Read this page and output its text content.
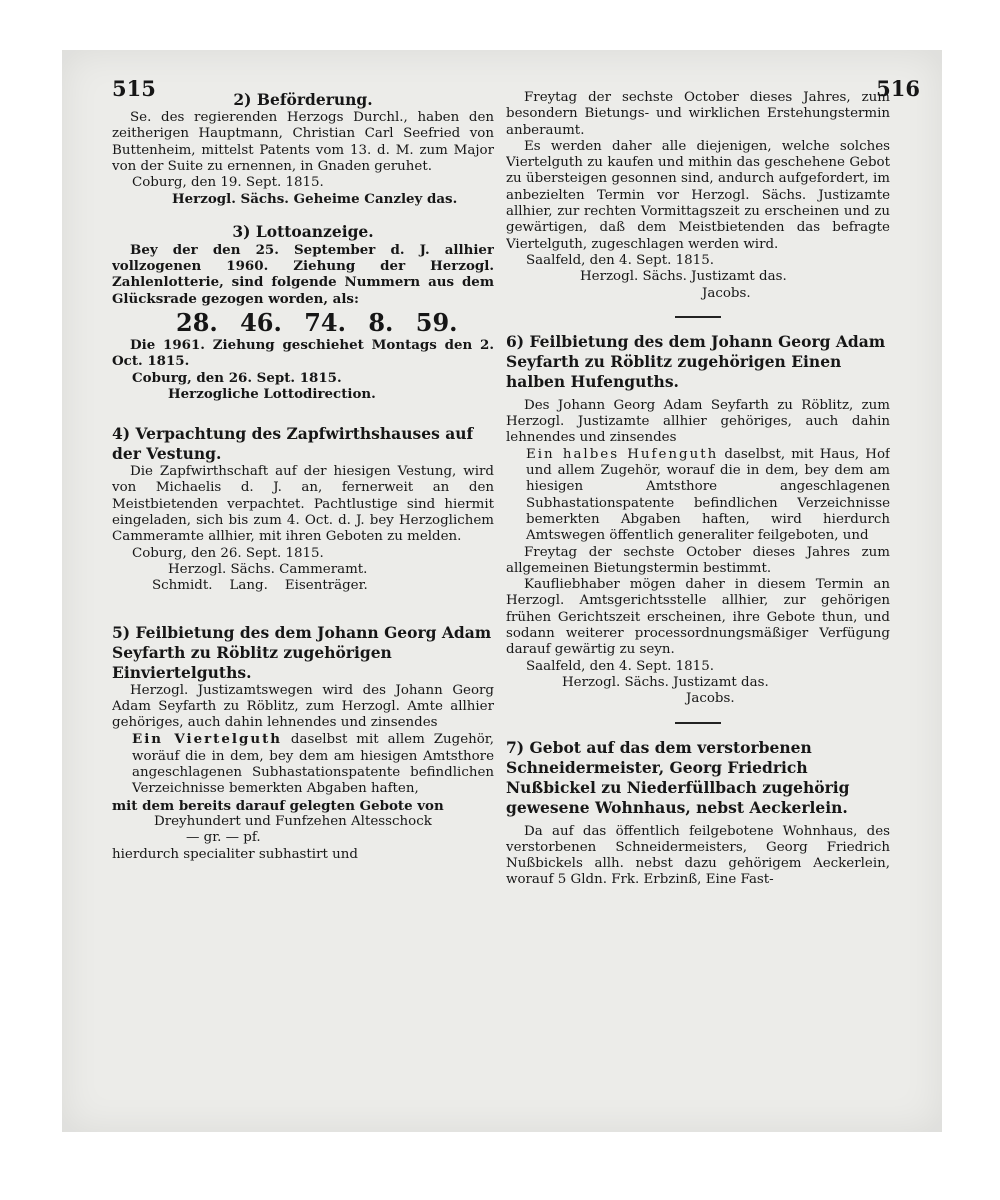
515	516

2) Beförderung.

Se. des regierenden Herzogs Durchl., haben den zeitherigen Hauptmann, Christian Carl Seefried von Buttenheim, mittelst Patents vom 13. d. M. zum Major von der Suite zu ernennen, in Gnaden geruhet.

Coburg, den 19. Sept. 1815.

Herzogl. Sächs. Geheime Canzley das.

3) Lottoanzeige.

Bey der den 25. September d. J. allhier vollzogenen 1960. Ziehung der Herzogl. Zahlenlotterie, sind folgende Nummern aus dem Glücksrade gezogen worden, als:

28. 46. 74. 8. 59.

Die 1961. Ziehung geschiehet Montags den 2. Oct. 1815.

Coburg, den 26. Sept. 1815.

Herzogliche Lottodirection.

4) Verpachtung des Zapfwirthshauses auf der Vestung.

Die Zapfwirthschaft auf der hiesigen Vestung, wird von Michaelis d. J. an, fernerweit an den Meistbietenden verpachtet. Pachtlustige sind hiermit eingeladen, sich bis zum 4. Oct. d. J. bey Herzoglichem Cammeramte allhier, mit ihren Geboten zu melden.

Coburg, den 26. Sept. 1815.

Herzogl. Sächs. Cammeramt.

Schmidt.    Lang.    Eisenträger.

5) Feilbietung des dem Johann Georg Adam Seyfarth zu Röblitz zugehörigen Einviertelguths.

Herzogl. Justizamtswegen wird des Johann Georg Adam Seyfarth zu Röblitz, zum Herzogl. Amte allhier gehöriges, auch dahin lehnendes und zinsendes

Ein Viertelguth daselbst mit allem Zugehör, woräuf die in dem, bey dem am hiesigen Amtsthore angeschlagenen Subhastationspatente befindlichen Verzeichnisse bemerkten Abgaben haften,

mit dem bereits darauf gelegten Gebote von

Dreyhundert und Funfzehen Altesschock

— gr. — pf.

hierdurch specialiter subhastirt und

Freytag der sechste October dieses Jahres, zum besondern Bietungs- und wirklichen Erstehungstermin anberaumt.

Es werden daher alle diejenigen, welche solches Viertelguth zu kaufen und mithin das geschehene Gebot zu übersteigen gesonnen sind, andurch aufgefordert, im anbezielten Termin vor Herzogl. Sächs. Justizamte allhier, zur rechten Vormittagszeit zu erscheinen und zu gewärtigen, daß dem Meistbietenden das befragte Viertelguth, zugeschlagen werden wird.

Saalfeld, den 4. Sept. 1815.

Herzogl. Sächs. Justizamt das.

Jacobs.

6) Feilbietung des dem Johann Georg Adam Seyfarth zu Röblitz zugehörigen Einen halben Hufenguths.

Des Johann Georg Adam Seyfarth zu Röblitz, zum Herzogl. Justizamte allhier gehöriges, auch dahin lehnendes und zinsendes

Ein halbes Hufenguth daselbst, mit Haus, Hof und allem Zugehör, worauf die in dem, bey dem am hiesigen Amtsthore angeschlagenen Subhastationspatente befindlichen Verzeichnisse bemerkten Abgaben haften, wird hierdurch Amtswegen öffentlich generaliter feilgeboten, und

Freytag der sechste October dieses Jahres zum allgemeinen Bietungstermin bestimmt.

Kaufliebhaber mögen daher in diesem Termin an Herzogl. Amtsgerichtsstelle allhier, zur gehörigen frühen Gerichtszeit erscheinen, ihre Gebote thun, und sodann weiterer processordnungsmäßiger Verfügung darauf gewärtig zu seyn.

Saalfeld, den 4. Sept. 1815.

Herzogl. Sächs. Justizamt das.

Jacobs.

7) Gebot auf das dem verstorbenen Schneidermeister, Georg Friedrich Nußbickel zu Niederfüllbach zugehörig gewesene Wohnhaus, nebst Aeckerlein.

Da auf das öffentlich feilgebotene Wohnhaus, des verstorbenen Schneidermeisters, Georg Friedrich Nußbickels allh. nebst dazu gehörigem Aeckerlein, worauf 5 Gldn. Frk. Erbzinß, Eine Fast-
